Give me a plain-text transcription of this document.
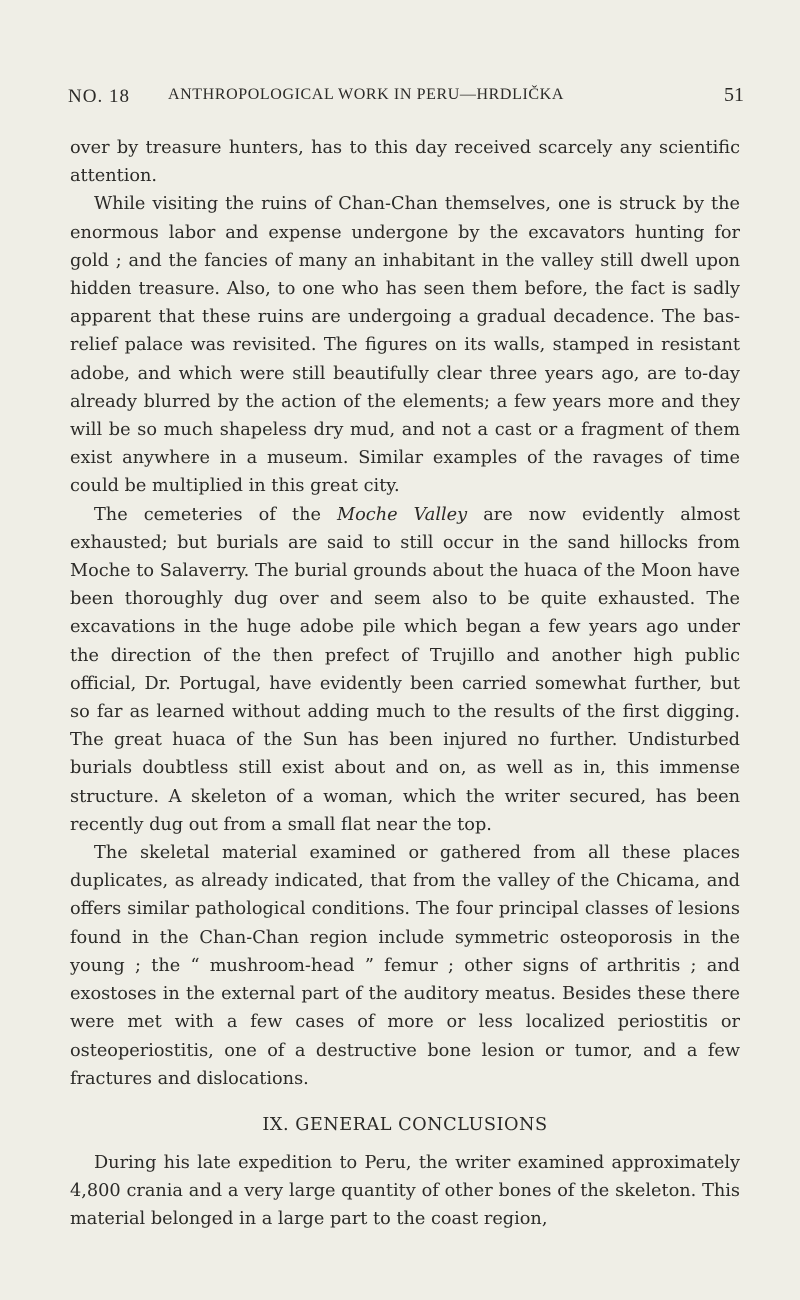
NO. 18 ANTHROPOLOGICAL WORK IN PERU—HRDLIČKA	51

over by treasure hunters, has to this day received scarcely any scientific attention.

While visiting the ruins of Chan-Chan themselves, one is struck by the enormous labor and expense undergone by the excavators hunting for gold ; and the fancies of many an inhabitant in the valley still dwell upon hidden treasure. Also, to one who has seen them before, the fact is sadly apparent that these ruins are undergoing a gradual decadence. The bas-relief palace was revisited. The figures on its walls, stamped in resistant adobe, and which were still beautifully clear three years ago, are to-day already blurred by the action of the elements; a few years more and they will be so much shapeless dry mud, and not a cast or a fragment of them exist anywhere in a museum. Similar examples of the ravages of time could be multiplied in this great city.

The cemeteries of the Moche Valley are now evidently almost exhausted; but burials are said to still occur in the sand hillocks from Moche to Salaverry. The burial grounds about the huaca of the Moon have been thoroughly dug over and seem also to be quite exhausted. The excavations in the huge adobe pile which began a few years ago under the direction of the then prefect of Trujillo and another high public official, Dr. Portugal, have evidently been carried somewhat further, but so far as learned without adding much to the results of the first digging. The great huaca of the Sun has been injured no further. Undisturbed burials doubtless still exist about and on, as well as in, this immense structure. A skeleton of a woman, which the writer secured, has been recently dug out from a small flat near the top.

The skeletal material examined or gathered from all these places duplicates, as already indicated, that from the valley of the Chicama, and offers similar pathological conditions. The four principal classes of lesions found in the Chan-Chan region include symmetric osteoporosis in the young ; the “ mushroom-head ” femur ; other signs of arthritis ; and exostoses in the external part of the auditory meatus. Besides these there were met with a few cases of more or less localized periostitis or osteoperiostitis, one of a destructive bone lesion or tumor, and a few fractures and dislocations.

IX. GENERAL CONCLUSIONS

During his late expedition to Peru, the writer examined approximately 4,800 crania and a very large quantity of other bones of the skeleton. This material belonged in a large part to the coast region,
